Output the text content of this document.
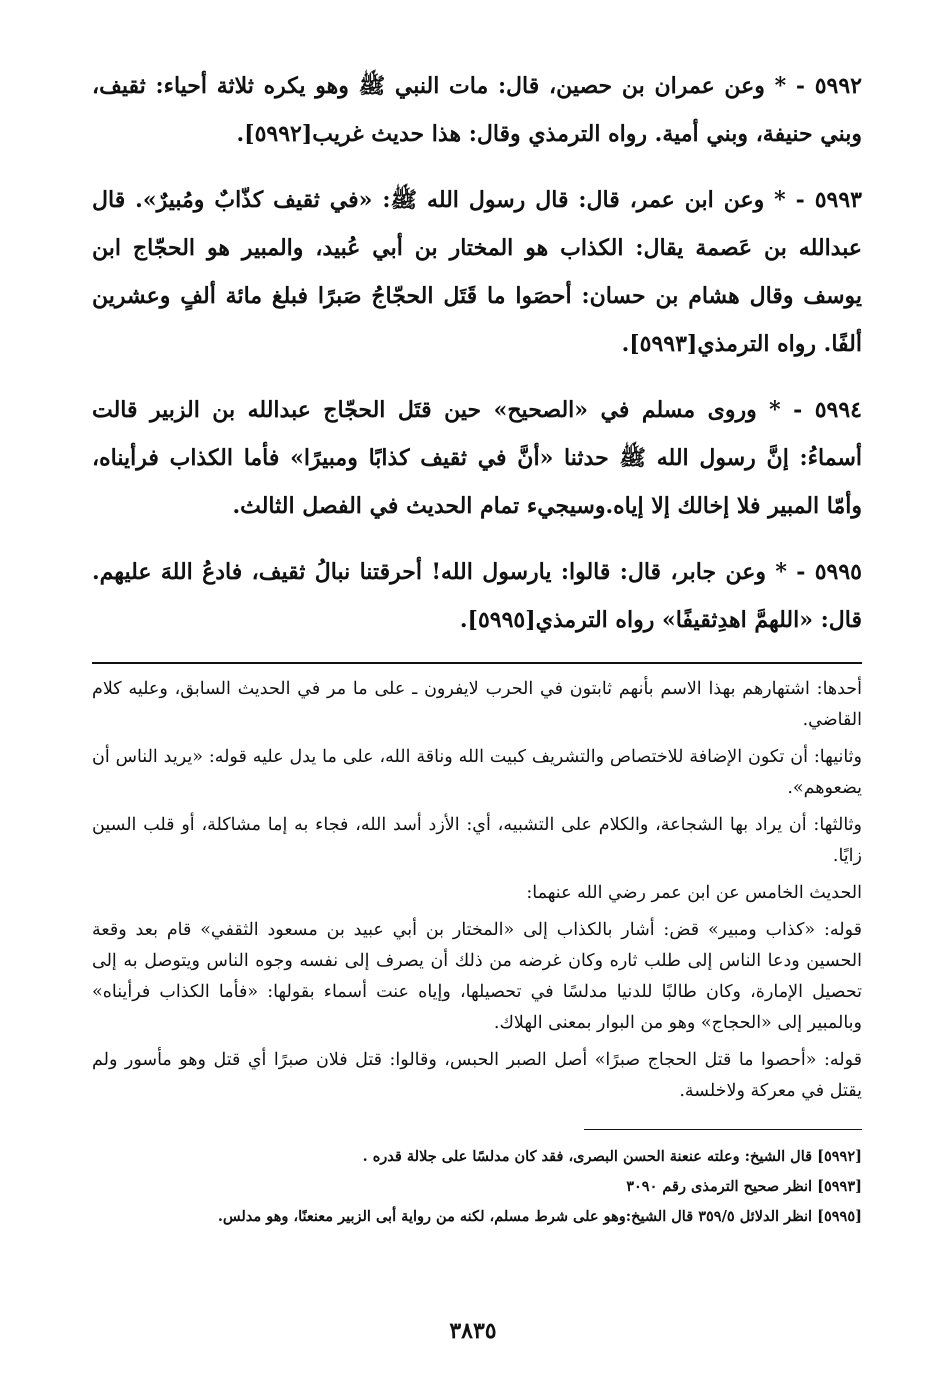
٥٩٩٢ - * وعن عمران بن حصين، قال: مات النبي ﷺ وهو يكره ثلاثة أحياء: ثقيف، وبني حنيفة، وبني أمية. رواه الترمذي وقال: هذا حديث غريب[٥٩٩٢].

٥٩٩٣ - * وعن ابن عمر، قال: قال رسول الله ﷺ: «في ثقيف كذّابٌ ومُبيرٌ». قال عبدالله بن عَصمة يقال: الكذاب هو المختار بن أبي عُبيد، والمبير هو الحجّاج ابن يوسف وقال هشام بن حسان: أحصَوا ما قَتَل الحجّاجُ صَبرًا فبلغ مائة ألفٍ وعشرين ألفًا. رواه الترمذي[٥٩٩٣].

٥٩٩٤ - * وروى مسلم في «الصحيح» حين قتَل الحجّاج عبدالله بن الزبير قالت أسماءُ: إنَّ رسول الله ﷺ حدثنا «أنَّ في ثقيف كذابًا ومبيرًا» فأما الكذاب فرأيناه، وأمّا المبير فلا إخالك إلا إياه.وسيجيء تمام الحديث في الفصل الثالث.

٥٩٩٥ - * وعن جابر، قال: قالوا: يارسول الله! أحرقتنا نبالُ ثقيف، فادعُ اللهَ عليهم. قال: «اللهمَّ اهدِثقيفًا» رواه الترمذي[٥٩٩٥].

أحدها: اشتهارهم بهذا الاسم بأنهم ثابتون في الحرب لايفرون ـ على ما مر في الحديث السابق، وعليه كلام القاضي.

وثانيها: أن تكون الإضافة للاختصاص والتشريف كبيت الله وناقة الله، على ما يدل عليه قوله: «يريد الناس أن يضعوهم».

وثالثها: أن يراد بها الشجاعة، والكلام على التشبيه، أي: الأزد أسد الله، فجاء به إما مشاكلة، أو قلب السين زايًا.

الحديث الخامس عن ابن عمر رضي الله عنهما:

قوله: «كذاب ومبير» قض: أشار بالكذاب إلى «المختار بن أبي عبيد بن مسعود الثقفي» قام بعد وقعة الحسين ودعا الناس إلى طلب ثاره وكان غرضه من ذلك أن يصرف إلى نفسه وجوه الناس ويتوصل به إلى تحصيل الإمارة، وكان طالبًا للدنيا مدلسًا في تحصيلها، وإياه عنت أسماء بقولها: «فأما الكذاب فرأيناه» وبالمبير إلى «الحجاج» وهو من البوار بمعنى الهلاك.

قوله: «أحصوا ما قتل الحجاج صبرًا» أصل الصبر الحبس، وقالوا: قتل فلان صبرًا أي قتل وهو مأسور ولم يقتل في معركة ولاخلسة.

[٥٩٩٢] قال الشيخ: وعلته عنعنة الحسن البصرى، فقد كان مدلسًا على جلالة قدره .

[٥٩٩٣] انظر صحيح الترمذى رقم ٣٠٩٠

[٥٩٩٥] انظر الدلائل ٣٥٩/٥ قال الشيخ:وهو على شرط مسلم، لكنه من رواية أبى الزبير معنعنًا، وهو مدلس.

٣٨٣٥
